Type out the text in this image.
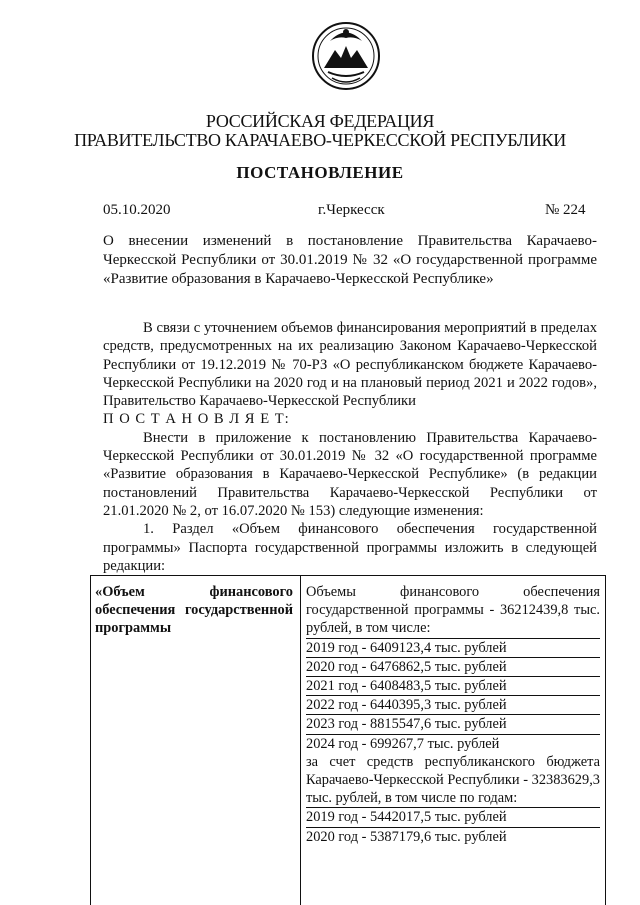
РОССИЙСКАЯ ФЕДЕРАЦИЯ
ПРАВИТЕЛЬСТВО КАРАЧАЕВО-ЧЕРКЕССКОЙ РЕСПУБЛИКИ
ПОСТАНОВЛЕНИЕ
05.10.2020	г.Черкесск	№ 224
О внесении изменений в постановление Правительства Карачаево-Черкесской Республики от 30.01.2019 № 32 «О государственной программе «Развитие образования в Карачаево-Черкесской Республике»

В связи с уточнением объемов финансирования мероприятий в пределах средств, предусмотренных на их реализацию Законом Карачаево-Черкесской Республики от 19.12.2019 № 70-РЗ «О республиканском бюджете Карачаево-Черкесской Республики на 2020 год и на плановый период 2021 и 2022 годов», Правительство Карачаево-Черкесской Республики

П О С Т А Н О В Л Я Е Т:

Внести в приложение к постановлению Правительства Карачаево-Черкесской Республики от 30.01.2019 № 32 «О государственной программе «Развитие образования в Карачаево-Черкесской Республике» (в редакции постановлений Правительства Карачаево-Черкесской Республики от 21.01.2020 № 2, от 16.07.2020 № 153) следующие изменения:

1. Раздел «Объем финансового обеспечения государственной программы» Паспорта государственной программы изложить в следующей редакции:

«Объем финансового обеспечения государственной программы
Объемы финансового обеспечения государственной программы - 36212439,8 тыс. рублей, в том числе:
2019 год - 6409123,4 тыс. рублей
2020 год - 6476862,5 тыс. рублей
2021 год - 6408483,5 тыс. рублей
2022 год - 6440395,3 тыс. рублей
2023 год - 8815547,6 тыс. рублей
2024 год - 699267,7 тыс. рублей
за счет средств республиканского бюджета Карачаево-Черкесской Республики - 32383629,3 тыс. рублей, в том числе по годам:
2019 год - 5442017,5 тыс. рублей
2020 год - 5387179,6 тыс. рублей
